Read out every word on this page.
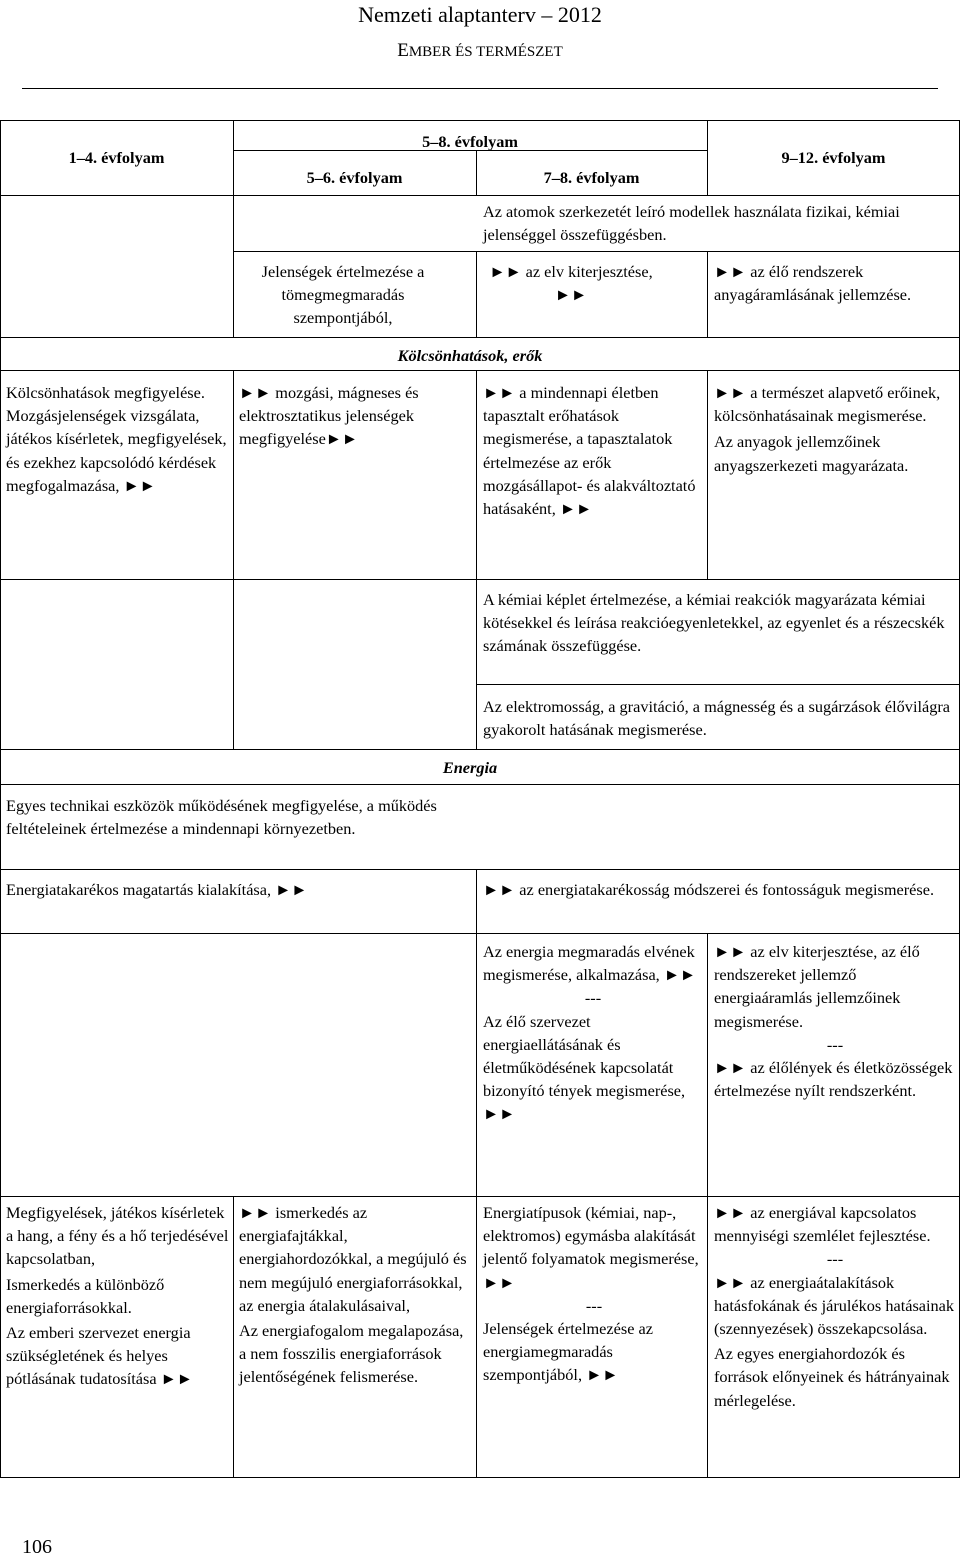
Nemzeti alaptanterv – 2012
EMBER ÉS TERMÉSZET
1–4. évfolyam
5–8. évfolyam
5–6. évfolyam	7–8. évfolyam
9–12. évfolyam
Az atomok szerkezetét leíró modellek használata fizikai, kémiai jelenséggel összefüggésben.
Jelenségek értelmezése a tömegmegmaradás szempontjából,
►► az elv kiterjesztése, ►►
►► az élő rendszerek anyagáramlásának jellemzése.
Kölcsönhatások, erők
Kölcsönhatások megfigyelése.
Mozgásjelenségek vizsgálata, játékos kísérletek, megfigyelések, és ezekhez kapcsolódó kérdések megfogalmazása, ►►
►► mozgási, mágneses és elektrosztatikus jelenségek megfigyelése►►
►► a mindennapi életben tapasztalt erőhatások megismerése, a tapasztalatok értelmezése az erők mozgásállapot- és alakváltoztató hatásaként, ►►
►► a természet alapvető erőinek, kölcsönhatásainak megismerése.
Az anyagok jellemzőinek anyagszerkezeti magyarázata.
A kémiai képlet értelmezése, a kémiai reakciók magyarázata kémiai kötésekkel és leírása reakcióegyenletekkel, az egyenlet és a részecskék számának összefüggése.
Az elektromosság, a gravitáció, a mágnesség és a sugárzások élővilágra gyakorolt hatásának megismerése.
Energia
Egyes technikai eszközök működésének megfigyelése, a működés feltételeinek értelmezése a mindennapi környezetben.
Energiatakarékos magatartás kialakítása, ►►	►► az energiatakarékosság módszerei és fontosságuk megismerése.
Az energia megmaradás elvének megismerése, alkalmazása, ►►
---
Az élő szervezet energiaellátásának és életműködésének kapcsolatát bizonyító tények megismerése, ►►
►► az elv kiterjesztése, az élő rendszereket jellemző energiaáramlás jellemzőinek megismerése.
---
►► az élőlények és életközösségek értelmezése nyílt rendszerként.
Megfigyelések, játékos kísérletek a hang, a fény és a hő terjedésével kapcsolatban,
Ismerkedés a különböző energiaforrásokkal.
Az emberi szervezet energia szükségletének és helyes pótlásának tudatosítása ►►
►► ismerkedés az energiafajtákkal, energiahordozókkal, a megújuló és nem megújuló energiaforrásokkal, az energia átalakulásaival,
Az energiafogalom megalapozása, a nem fosszilis energiaforrások jelentőségének felismerése.
Energiatípusok (kémiai, nap-, elektromos) egymásba alakítását jelentő folyamatok megismerése, ►►
---
Jelenségek értelmezése az energiamegmaradás szempontjából, ►►
►► az energiával kapcsolatos mennyiségi szemlélet fejlesztése.
---
►► az energiaátalakítások hatásfokának és járulékos hatásainak (szennyezések) összekapcsolása.
Az egyes energiahordozók és források előnyeinek és hátrányainak mérlegelése.
106
